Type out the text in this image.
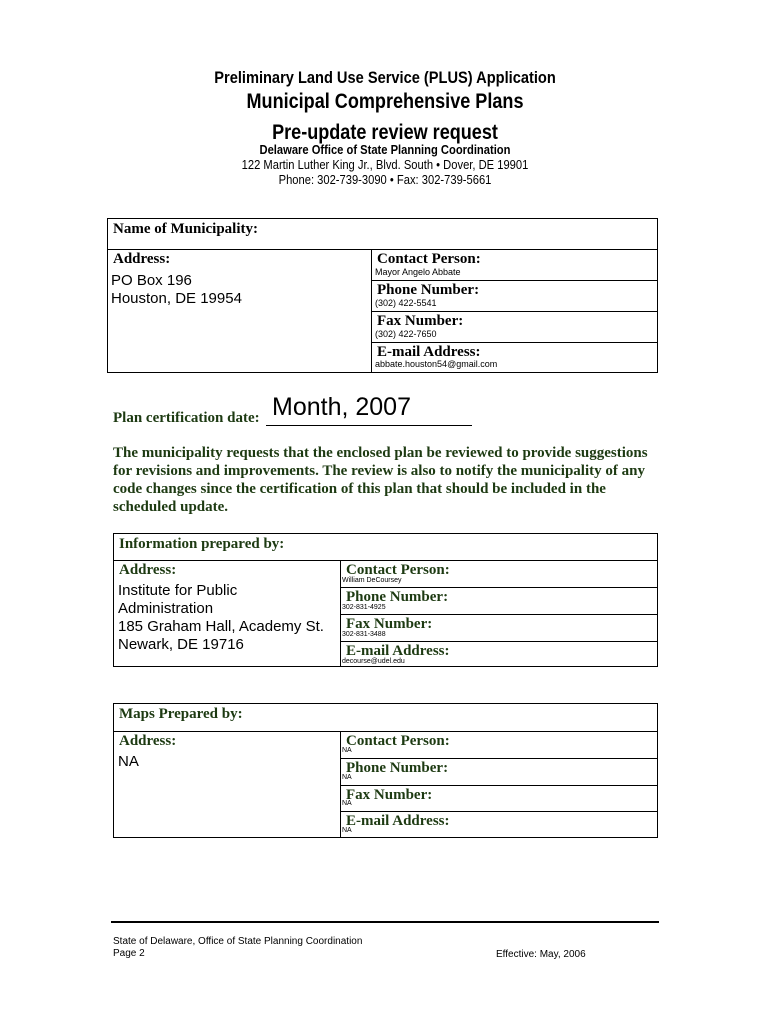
Preliminary Land Use Service (PLUS) Application
Municipal Comprehensive Plans
Pre-update review request
Delaware Office of State Planning Coordination
122 Martin Luther King Jr., Blvd. South • Dover, DE 19901
Phone: 302-739-3090 • Fax: 302-739-5661
Name of Municipality:
Address:
PO Box 196
Houston, DE 19954
Contact Person:
Mayor Angelo Abbate
Phone Number:
(302) 422-5541
Fax Number:
(302) 422-7650
E-mail Address:
abbate.houston54@gmail.com
Plan certification date: Month, 2007
The municipality requests that the enclosed plan be reviewed to provide suggestions
for revisions and improvements. The review is also to notify the municipality of any
code changes since the certification of this plan that should be included in the
scheduled update.
Information prepared by:
Address:
Institute for Public
Administration
185 Graham Hall, Academy St.
Newark, DE 19716
Contact Person:
William DeCoursey
Phone Number:
302-831-4925
Fax Number:
302-831-3488
E-mail Address:
decourse@udel.edu
Maps Prepared by:
Address:
NA
Contact Person:
NA
Phone Number:
NA
Fax Number:
NA
E-mail Address:
NA
State of Delaware, Office of State Planning Coordination
Page 2	Effective: May, 2006
